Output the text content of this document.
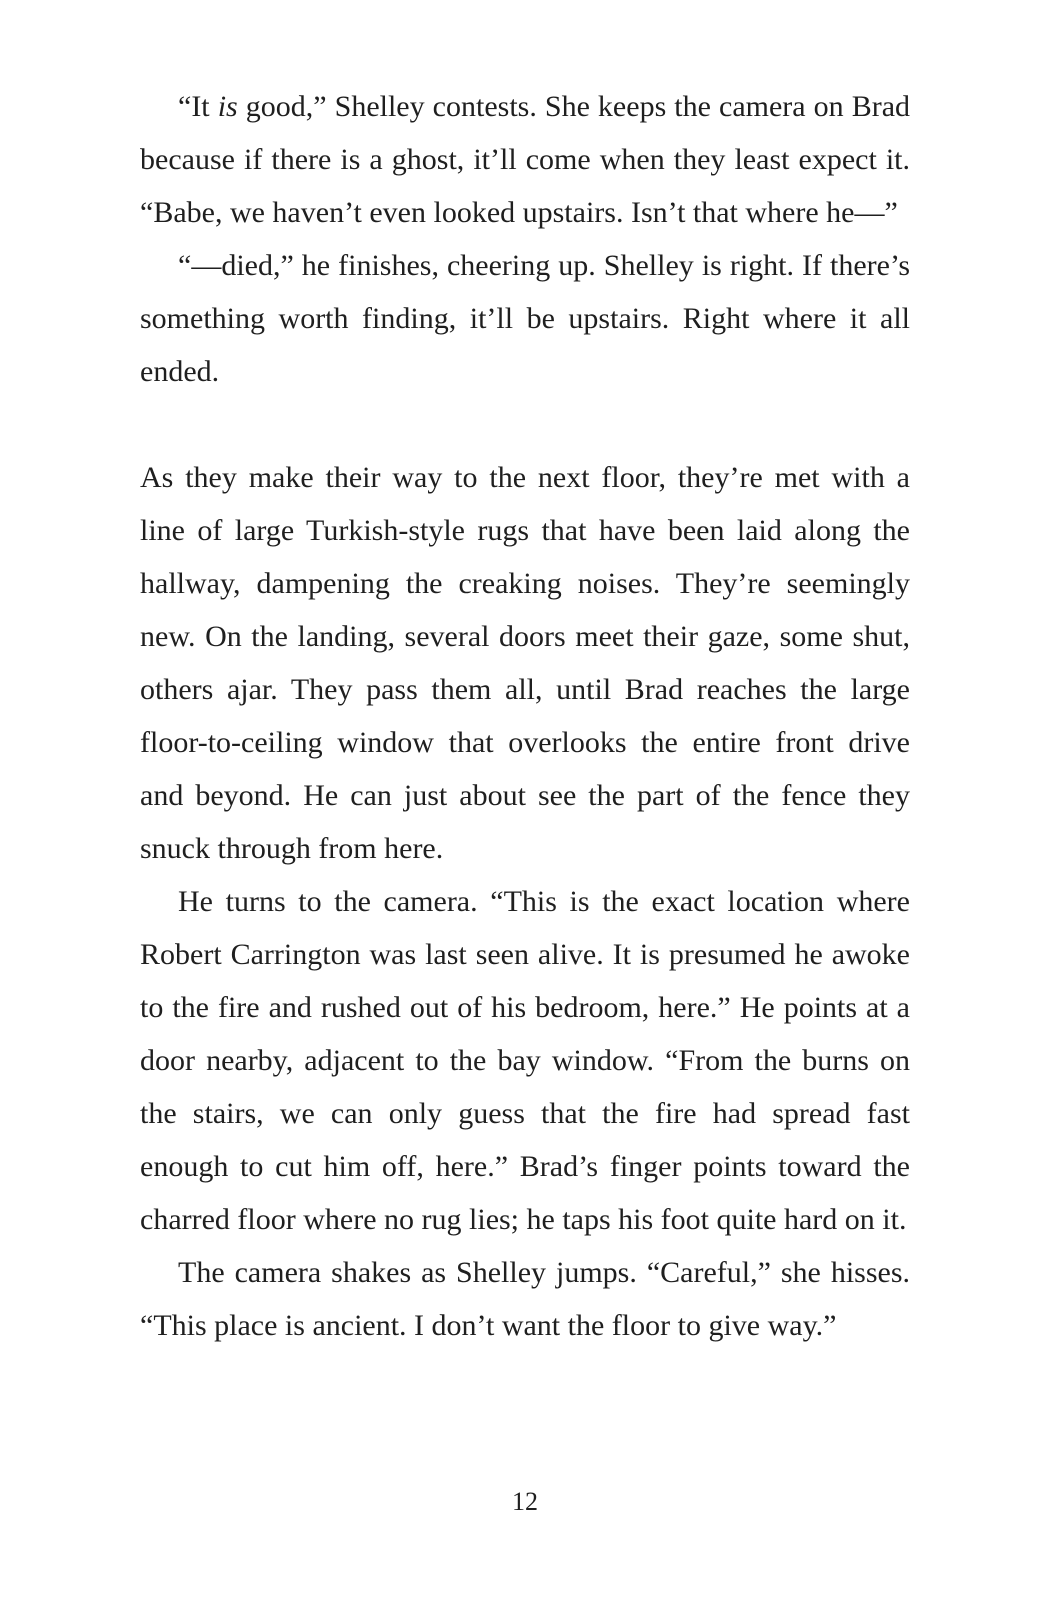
“It is good,” Shelley contests. She keeps the camera on Brad because if there is a ghost, it’ll come when they least expect it. “Babe, we haven’t even looked upstairs. Isn’t that where he—”

“—died,” he finishes, cheering up. Shelley is right. If there’s something worth finding, it’ll be upstairs. Right where it all ended.

As they make their way to the next floor, they’re met with a line of large Turkish-style rugs that have been laid along the hallway, dampening the creaking noises. They’re seemingly new. On the landing, several doors meet their gaze, some shut, others ajar. They pass them all, until Brad reaches the large floor-to-ceiling window that overlooks the entire front drive and beyond. He can just about see the part of the fence they snuck through from here.

He turns to the camera. “This is the exact location where Robert Carrington was last seen alive. It is presumed he awoke to the fire and rushed out of his bedroom, here.” He points at a door nearby, adjacent to the bay window. “From the burns on the stairs, we can only guess that the fire had spread fast enough to cut him off, here.” Brad’s finger points toward the charred floor where no rug lies; he taps his foot quite hard on it.

The camera shakes as Shelley jumps. “Careful,” she hisses. “This place is ancient. I don’t want the floor to give way.”

12
